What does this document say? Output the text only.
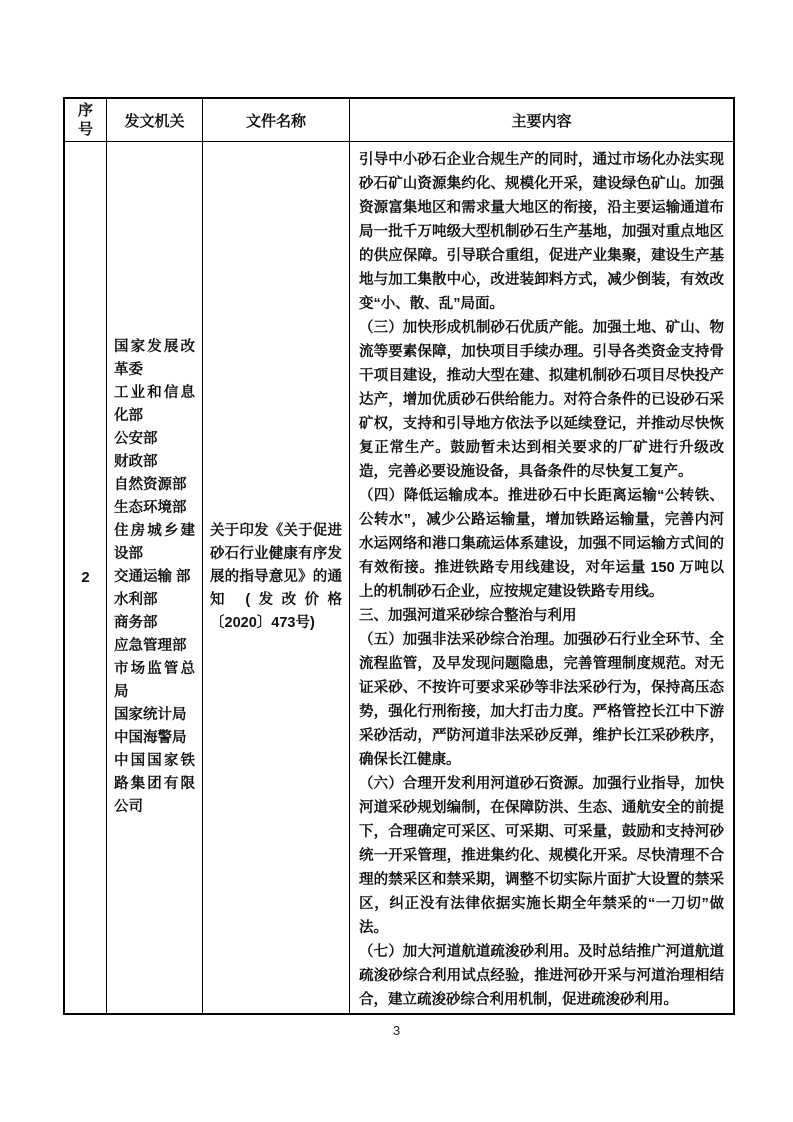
序号 发文机关	文件名称	主要内容
2
国家发展改革委
工业和信息化部
公安部
财政部
自然资源部
生态环境部
住房城乡建设部
交通运输 部
水利部
商务部
应急管理部
市场监管总局
国家统计局
中国海警局
中国国家铁路集团有限公司
关于印发《关于促进砂石行业健康有序发展的指导意见》的通知 (发改价格〔2020〕473号)
引导中小砂石企业合规生产的同时，通过市场化办法实现砂石矿山资源集约化、规模化开采，建设绿色矿山。加强资源富集地区和需求量大地区的衔接，沿主要运输通道布局一批千万吨级大型机制砂石生产基地，加强对重点地区的供应保障。引导联合重组，促进产业集聚，建设生产基地与加工集散中心，改进装卸料方式，减少倒装，有效改变“小、散、乱”局面。
（三）加快形成机制砂石优质产能。加强土地、矿山、物流等要素保障，加快项目手续办理。引导各类资金支持骨干项目建设，推动大型在建、拟建机制砂石项目尽快投产达产，增加优质砂石供给能力。对符合条件的已设砂石采矿权，支持和引导地方依法予以延续登记，并推动尽快恢复正常生产。鼓励暂未达到相关要求的厂矿进行升级改造，完善必要设施设备，具备条件的尽快复工复产。
（四）降低运输成本。推进砂石中长距离运输“公转铁、公转水”，减少公路运输量，增加铁路运输量，完善内河水运网络和港口集疏运体系建设，加强不同运输方式间的有效衔接。推进铁路专用线建设，对年运量 150 万吨以上的机制砂石企业，应按规定建设铁路专用线。
三、加强河道采砂综合整治与利用
（五）加强非法采砂综合治理。加强砂石行业全环节、全流程监管，及早发现问题隐患，完善管理制度规范。对无证采砂、不按许可要求采砂等非法采砂行为，保持高压态势，强化行刑衔接，加大打击力度。严格管控长江中下游采砂活动，严防河道非法采砂反弹，维护长江采砂秩序，确保长江健康。
（六）合理开发利用河道砂石资源。加强行业指导，加快河道采砂规划编制，在保障防洪、生态、通航安全的前提下，合理确定可采区、可采期、可采量，鼓励和支持河砂统一开采管理，推进集约化、规模化开采。尽快清理不合理的禁采区和禁采期，调整不切实际片面扩大设置的禁采区，纠正没有法律依据实施长期全年禁采的“一刀切”做法。
（七）加大河道航道疏浚砂利用。及时总结推广河道航道疏浚砂综合利用试点经验，推进河砂开采与河道治理相结合，建立疏浚砂综合利用机制，促进疏浚砂利用。
3
